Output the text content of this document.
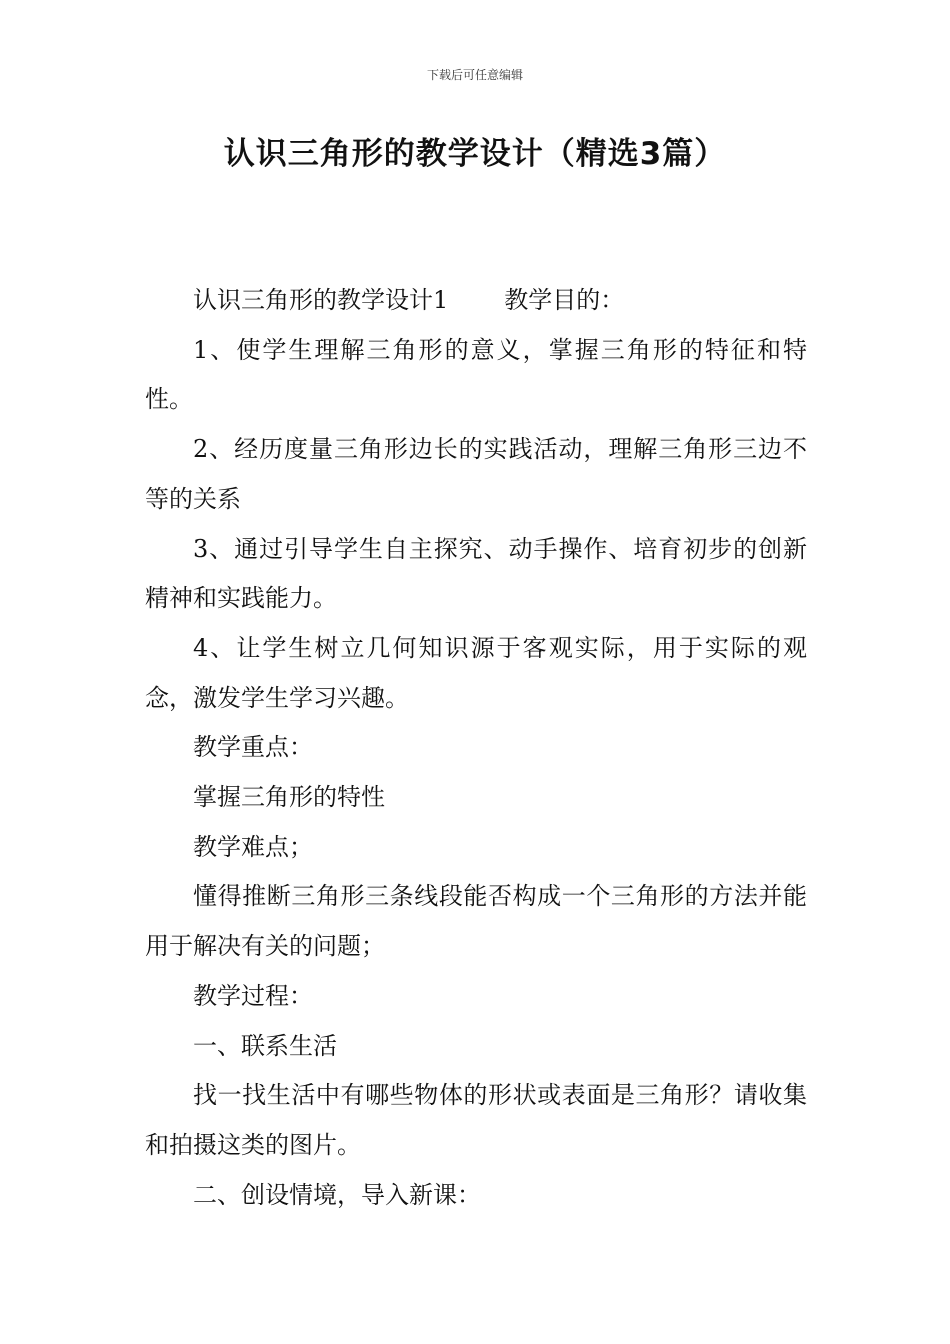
下载后可任意编辑
认识三角形的教学设计（精选3篇）

认识三角形的教学设计1 教学目的：

1、使学生理解三角形的意义，掌握三角形的特征和特性。

2、经历度量三角形边长的实践活动，理解三角形三边不等的关系

3、通过引导学生自主探究、动手操作、培育初步的创新精神和实践能力。

4、让学生树立几何知识源于客观实际，用于实际的观念，激发学生学习兴趣。

教学重点：

掌握三角形的特性

教学难点；

懂得推断三角形三条线段能否构成一个三角形的方法并能用于解决有关的问题；

教学过程：

一、联系生活

找一找生活中有哪些物体的形状或表面是三角形？请收集和拍摄这类的图片。

二、创设情境，导入新课：
